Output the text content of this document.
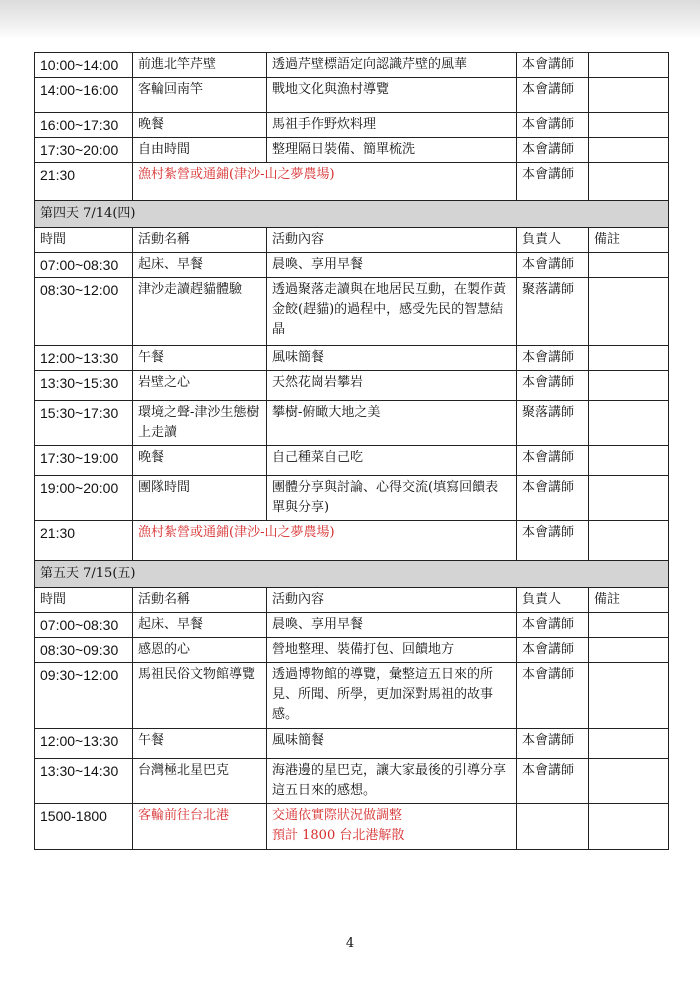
10:00~14:00	前進北竿芹壁	透過芹壁標語定向認識芹壁的風華	本會講師	
14:00~16:00	客輪回南竿	戰地文化與漁村導覽	本會講師	
16:00~17:30	晚餐	馬祖手作野炊料理	本會講師	
17:30~20:00	自由時間	整理隔日裝備、簡單梳洗	本會講師	
21:30	漁村紮營或通鋪(津沙-山之夢農場)		本會講師	
第四天 7/14(四)				
時間	活動名稱	活動內容	負責人	備註
07:00~08:30	起床、早餐	晨喚、享用早餐	本會講師	
08:30~12:00	津沙走讀趕貓體驗	透過聚落走讀與在地居民互動，在製作黃金餃(趕貓)的過程中，感受先民的智慧結晶	聚落講師	
12:00~13:30	午餐	風味簡餐	本會講師	
13:30~15:30	岩壁之心	天然花崗岩攀岩	本會講師	
15:30~17:30	環境之聲-津沙生態樹上走讀	攀樹-俯瞰大地之美	聚落講師	
17:30~19:00	晚餐	自己種菜自己吃	本會講師	
19:00~20:00	團隊時間	團體分享與討論、心得交流(填寫回饋表單與分享)	本會講師	
21:30	漁村紮營或通鋪(津沙-山之夢農場)		本會講師	
第五天 7/15(五)				
時間	活動名稱	活動內容	負責人	備註
07:00~08:30	起床、早餐	晨喚、享用早餐	本會講師	
08:30~09:30	感恩的心	營地整理、裝備打包、回饋地方	本會講師	
09:30~12:00	馬祖民俗文物館導覽	透過博物館的導覽，彙整這五日來的所見、所聞、所學，更加深對馬祖的故事感。	本會講師	
12:00~13:30	午餐	風味簡餐	本會講師	
13:30~14:30	台灣極北星巴克	海港邊的星巴克，讓大家最後的引導分享這五日來的感想。	本會講師	
1500-1800	客輪前往台北港	交通依實際狀況做調整
預計 1800 台北港解散		
4
